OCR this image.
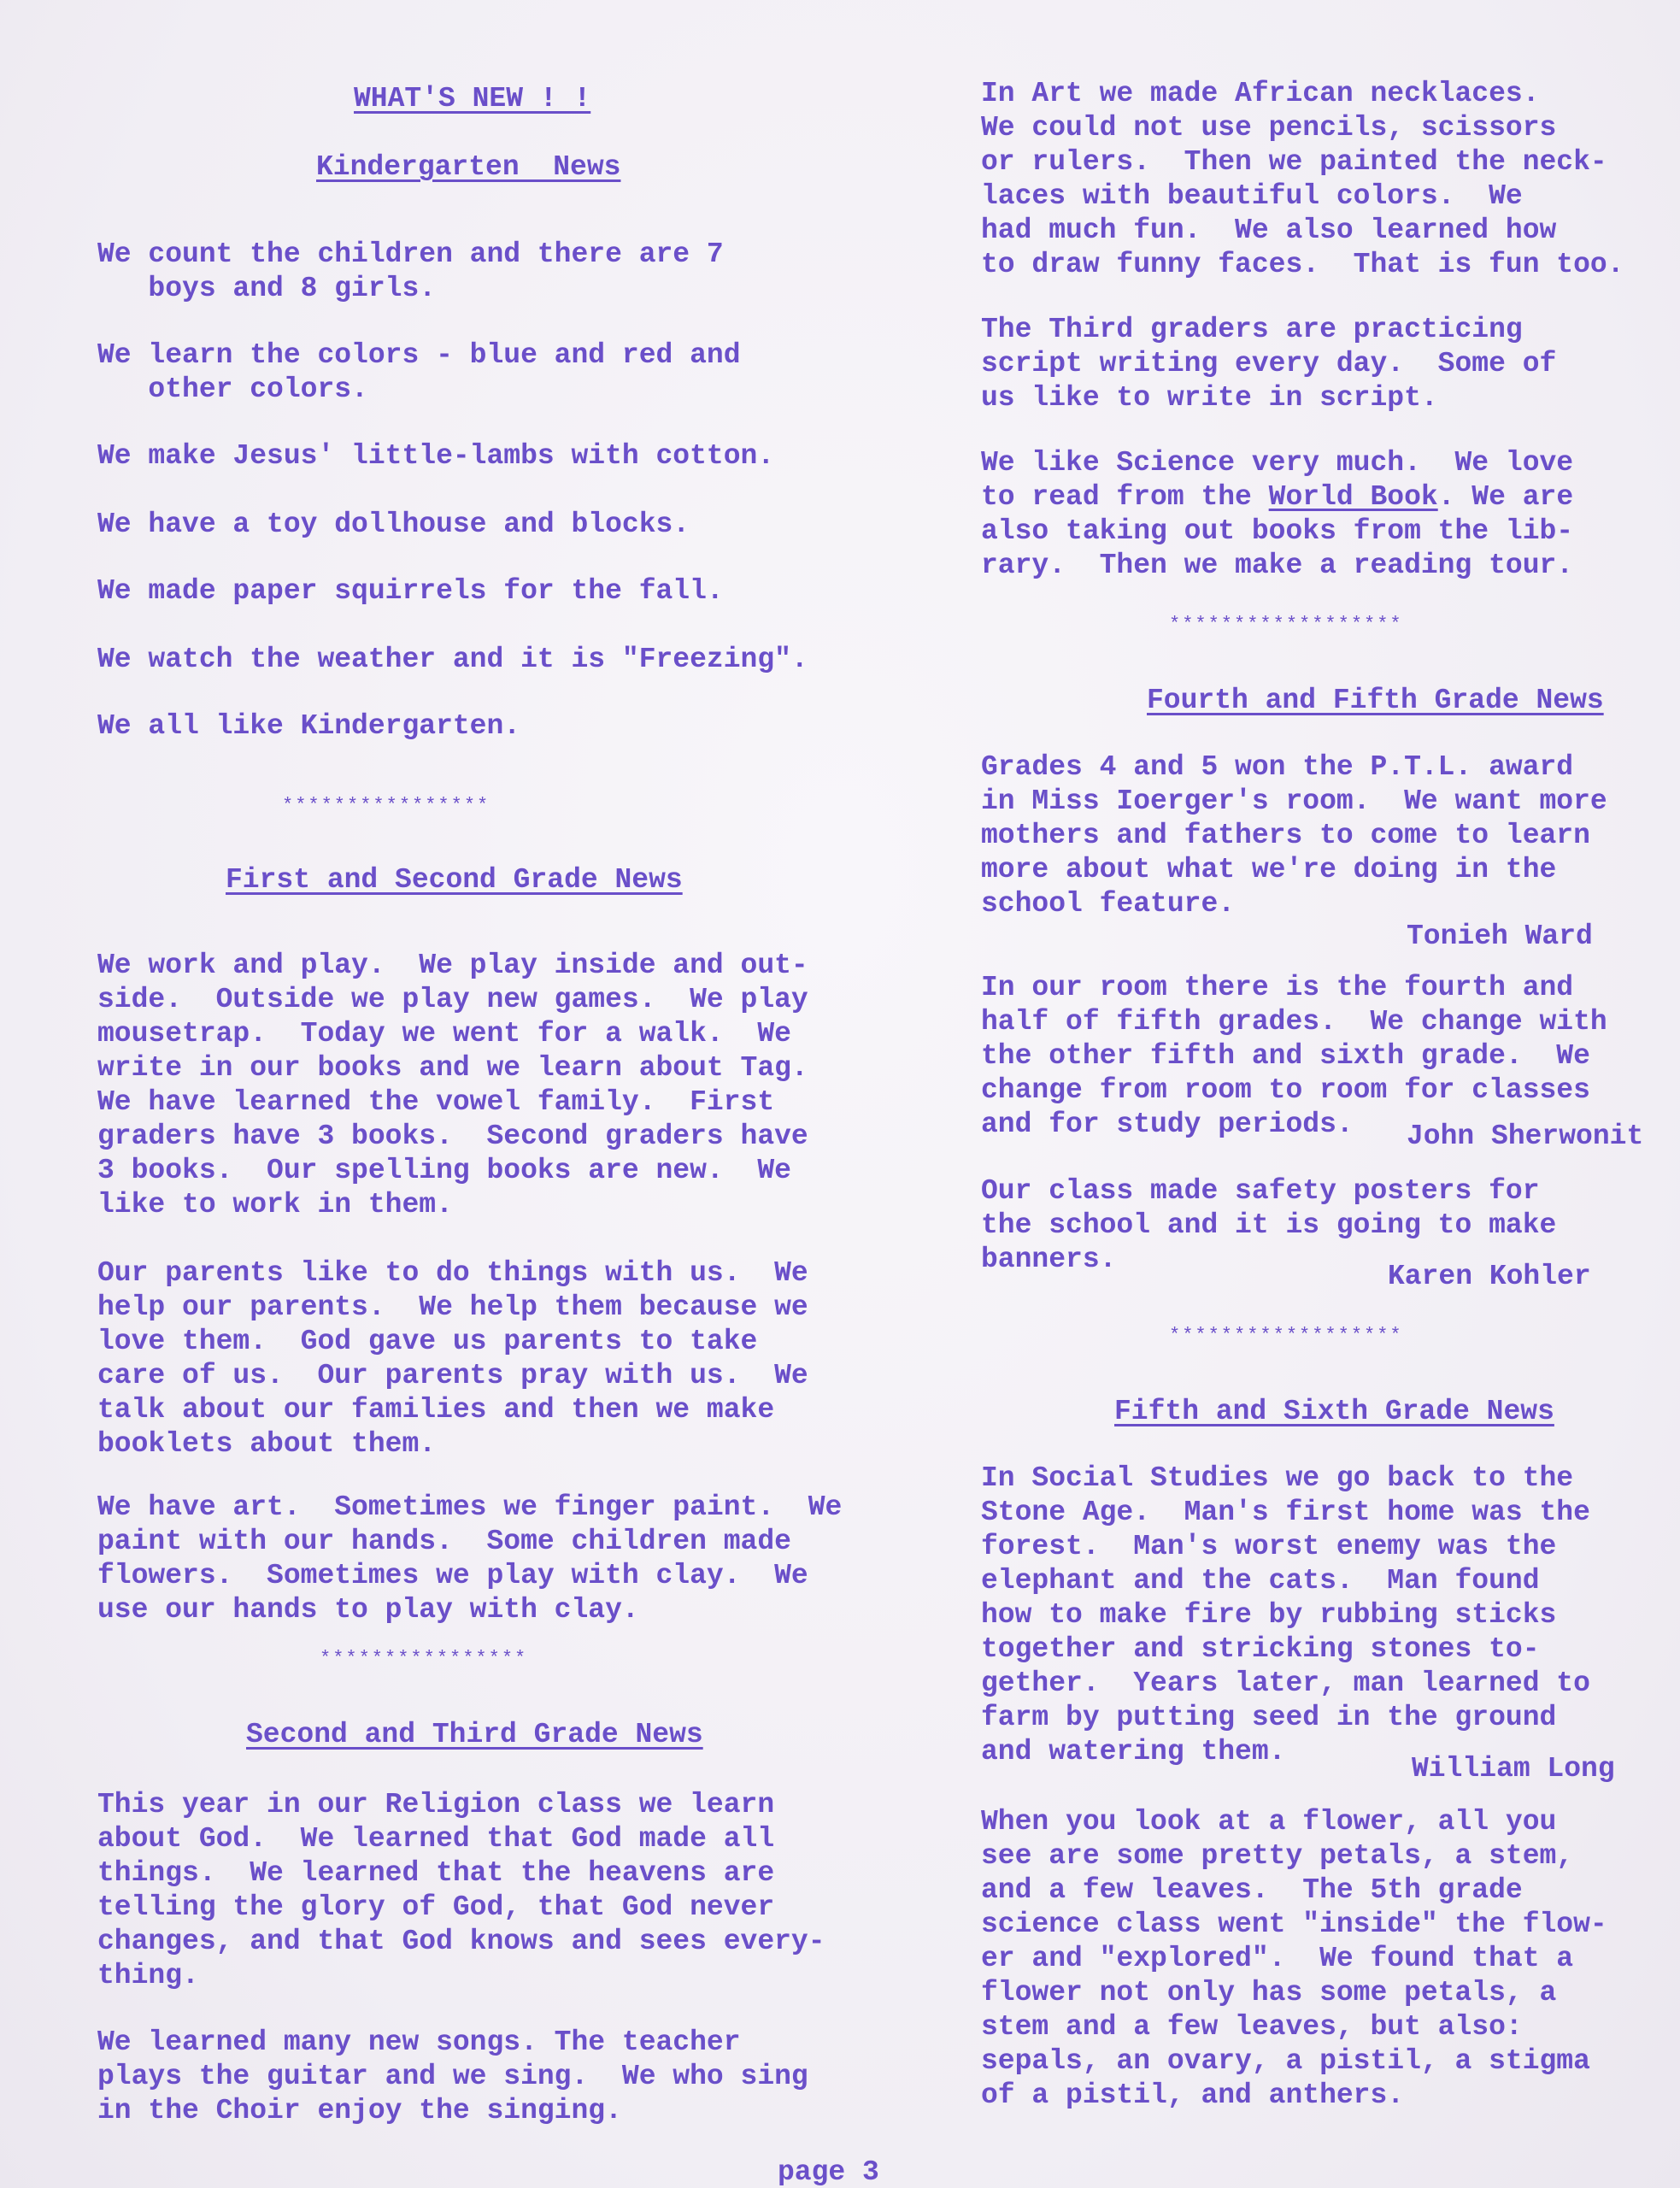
WHAT'S NEW ! !

Kindergarten  News

We count the children and there are 7
boys and 8 girls.

We learn the colors - blue and red and
other colors.

We make Jesus' little-lambs with cotton.

We have a toy dollhouse and blocks.

We made paper squirrels for the fall.

We watch the weather and it is "Freezing".

We all like Kindergarten.

****************

First and Second Grade News

We work and play.  We play inside and out-
side.  Outside we play new games.  We play
mousetrap.  Today we went for a walk.  We
write in our books and we learn about Tag.
We have learned the vowel family.  First
graders have 3 books.  Second graders have
3 books.  Our spelling books are new.  We
like to work in them.

Our parents like to do things with us.  We
help our parents.  We help them because we
love them.  God gave us parents to take
care of us.  Our parents pray with us.  We
talk about our families and then we make
booklets about them.

We have art.  Sometimes we finger paint.  We
paint with our hands.  Some children made
flowers.  Sometimes we play with clay.  We
use our hands to play with clay.

****************

Second and Third Grade News

This year in our Religion class we learn
about God.  We learned that God made all
things.  We learned that the heavens are
telling the glory of God, that God never
changes, and that God knows and sees every-
thing.

We learned many new songs. The teacher
plays the guitar and we sing.  We who sing
in the Choir enjoy the singing.

In Art we made African necklaces.
We could not use pencils, scissors
or rulers.  Then we painted the neck-
laces with beautiful colors.  We
had much fun.  We also learned how
to draw funny faces.  That is fun too.

The Third graders are practicing
script writing every day.  Some of
us like to write in script.

We like Science very much.  We love
to read from the World Book. We are

also taking out books from the lib-
rary.  Then we make a reading tour.

******************

Fourth and Fifth Grade News

Grades 4 and 5 won the P.T.L. award
in Miss Ioerger's room.  We want more
mothers and fathers to come to learn
more about what we're doing in the
school feature.

Tonieh Ward

In our room there is the fourth and
half of fifth grades.  We change with
the other fifth and sixth grade.  We
change from room to room for classes
and for study periods.	John Sherwonit

Our class made safety posters for
the school and it is going to make
banners.

Karen Kohler

******************

Fifth and Sixth Grade News

In Social Studies we go back to the
Stone Age.  Man's first home was the
forest.  Man's worst enemy was the
elephant and the cats.  Man found
how to make fire by rubbing sticks
together and stricking stones to-
gether.  Years later, man learned to
farm by putting seed in the ground
and watering them.

William Long

When you look at a flower, all you
see are some pretty petals, a stem,
and a few leaves.  The 5th grade
science class went "inside" the flow-
er and "explored".  We found that a
flower not only has some petals, a
stem and a few leaves, but also:
sepals, an ovary, a pistil, a stigma
of a pistil, and anthers.

page 3
